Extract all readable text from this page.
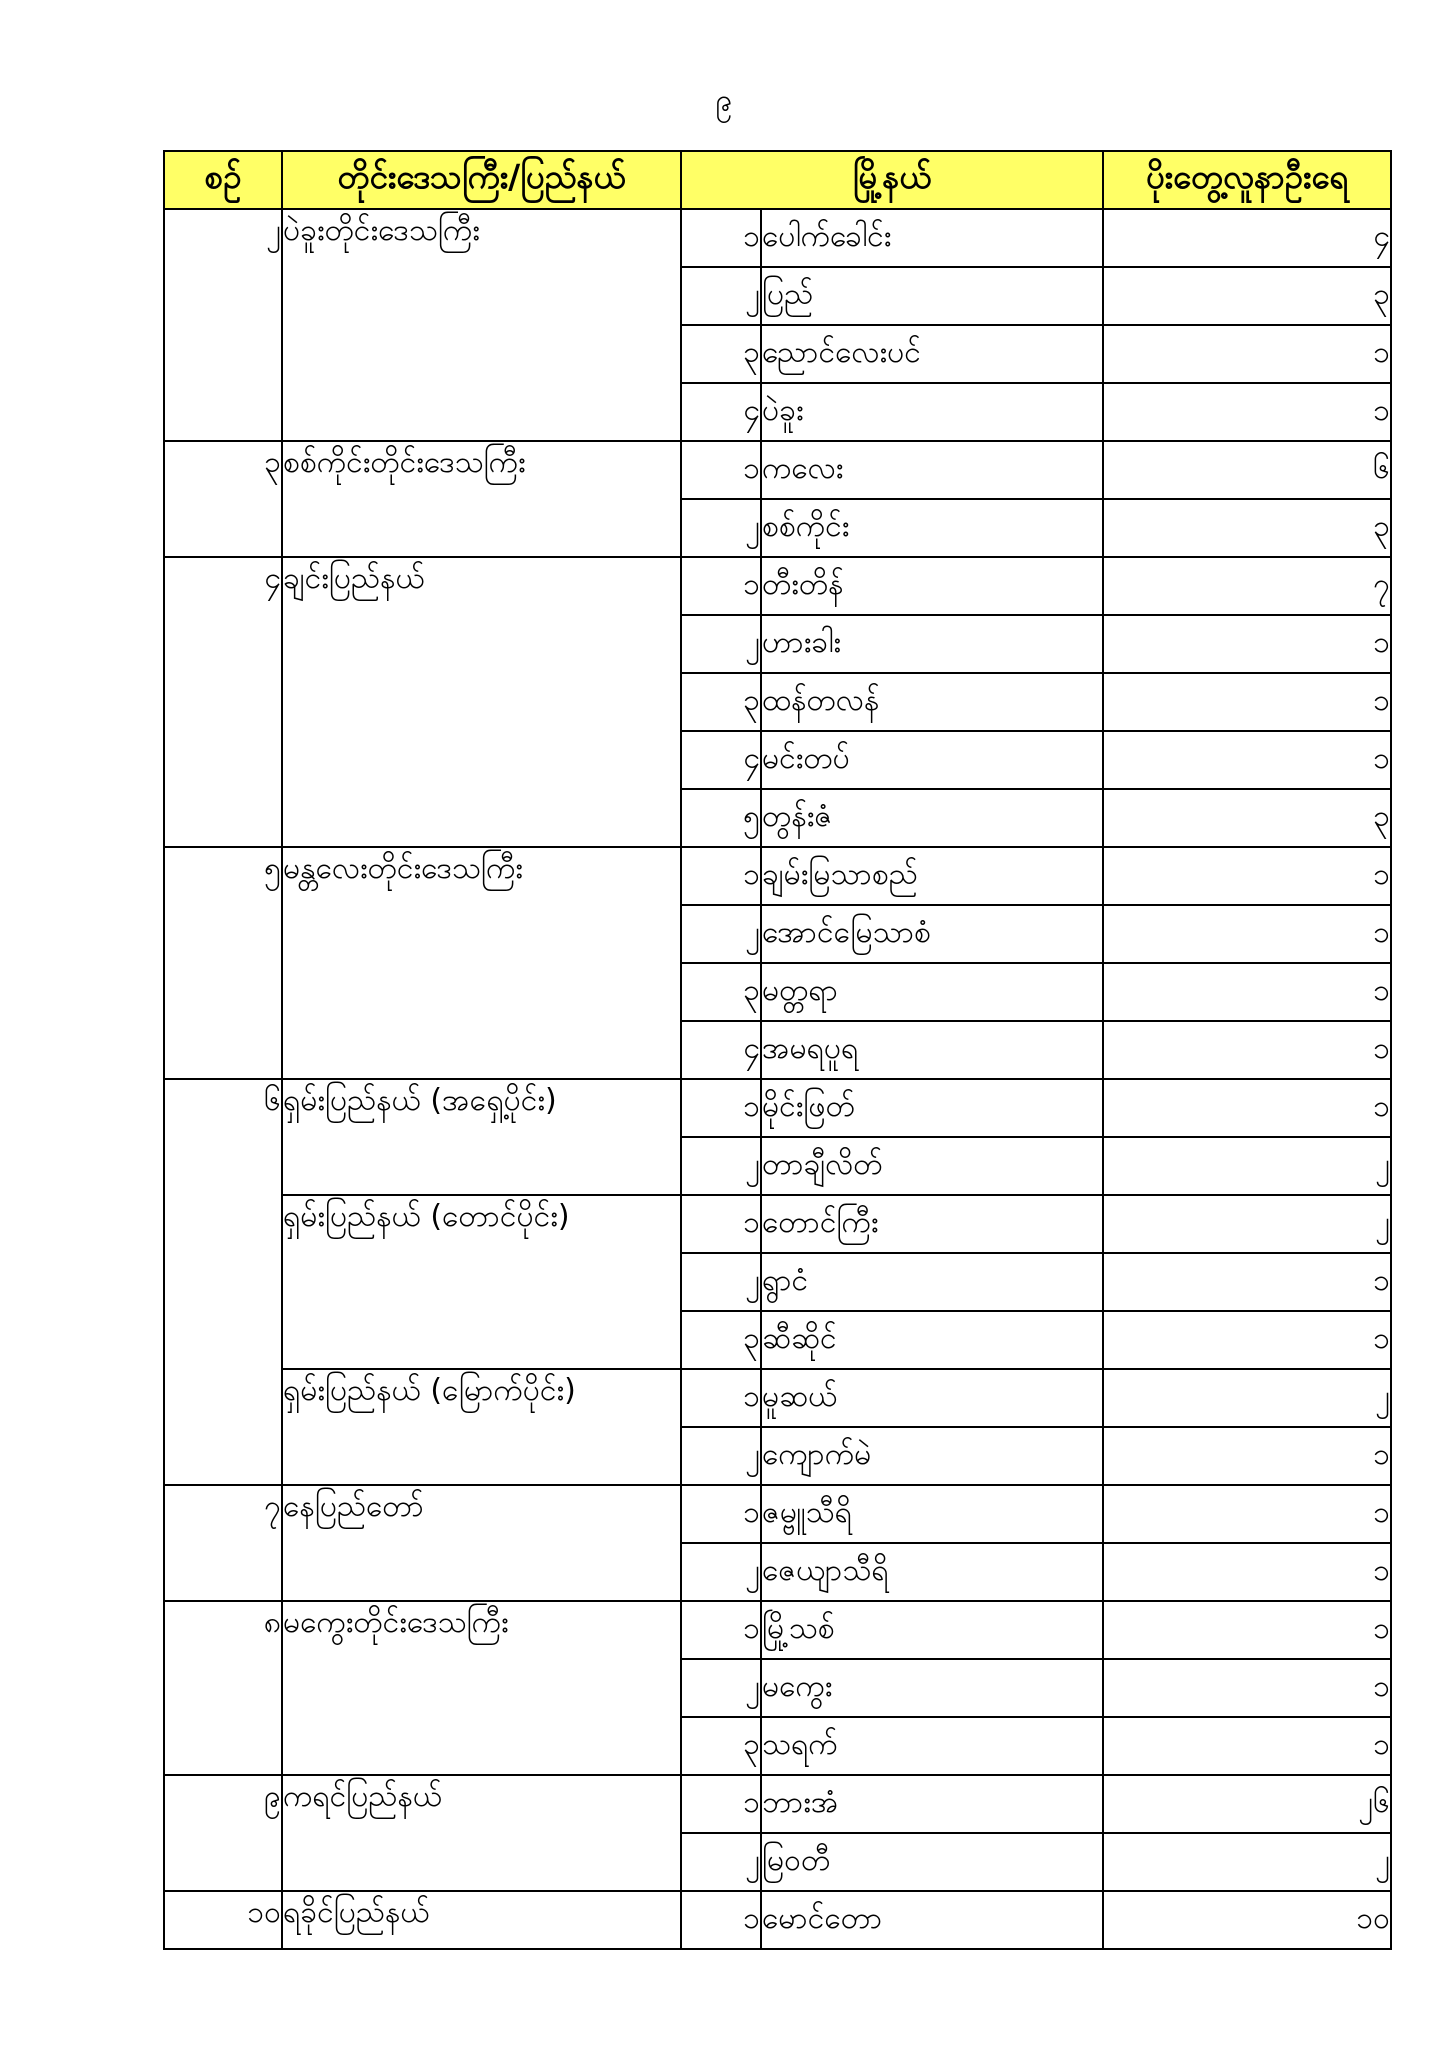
၉
စဉ်	တိုင်းဒေသကြီး/ပြည်နယ်	မြို့နယ်		ပိုးတွေ့လူနာဦးရေ
၂	ပဲခူးတိုင်းဒေသကြီး	၁	ပေါက်ခေါင်း	၄
		၂	ပြည်	၃
		၃	ညောင်လေးပင်	၁
		၄	ပဲခူး	၁
၃	စစ်ကိုင်းတိုင်းဒေသကြီး	၁	ကလေး	၆
		၂	စစ်ကိုင်း	၃
၄	ချင်းပြည်နယ်	၁	တီးတိန်	၇
		၂	ဟားခါး	၁
		၃	ထန်တလန်	၁
		၄	မင်းတပ်	၁
		၅	တွန်းဇံ	၃
၅	မန္တလေးတိုင်းဒေသကြီး	၁	ချမ်းမြသာစည်	၁
		၂	အောင်မြေသာစံ	၁
		၃	မတ္တရာ	၁
		၄	အမရပူရ	၁
၆	ရှမ်းပြည်နယ် (အရှေ့ပိုင်း)	၁	မိုင်းဖြတ်	၁
		၂	တာချီလိတ်	၂
	ရှမ်းပြည်နယ် (တောင်ပိုင်း)	၁	တောင်ကြီး	၂
		၂	ရွာငံ	၁
		၃	ဆီဆိုင်	၁
	ရှမ်းပြည်နယ် (မြောက်ပိုင်း)	၁	မူဆယ်	၂
		၂	ကျောက်မဲ	၁
၇	နေပြည်တော်	၁	ဇမ္ဗူသီရိ	၁
		၂	ဇေယျာသီရိ	၁
၈	မကွေးတိုင်းဒေသကြီး	၁	မြို့သစ်	၁
		၂	မကွေး	၁
		၃	သရက်	၁
၉	ကရင်ပြည်နယ်	၁	ဘားအံ	၂၆
		၂	မြဝတီ	၂
၁၀	ရခိုင်ပြည်နယ်	၁	မောင်တော	၁၀
